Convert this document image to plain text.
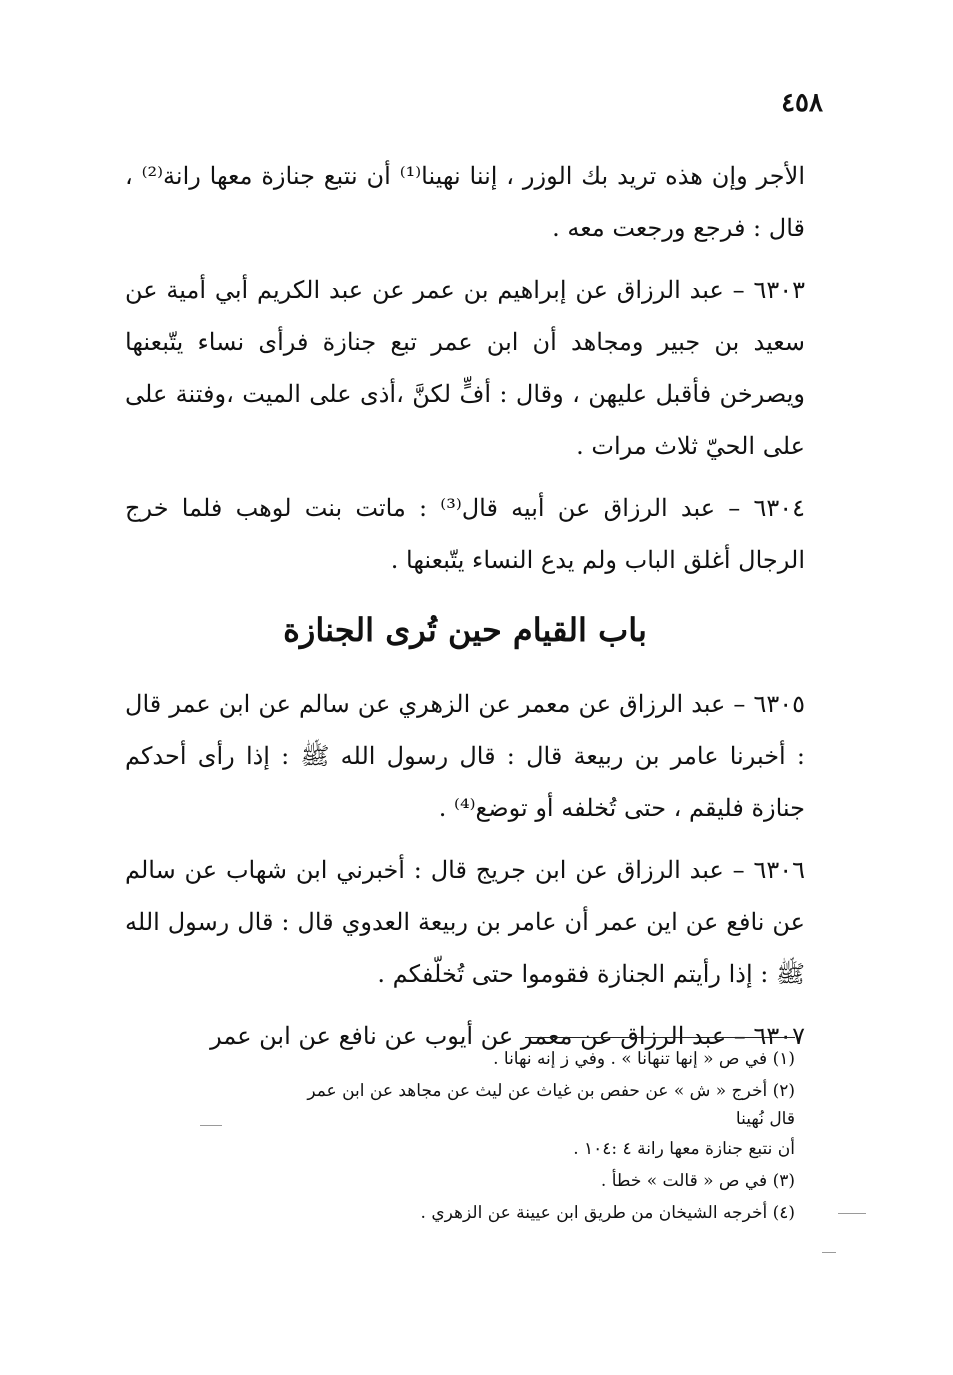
٤٥٨

الأجر وإن هذه تريد بك الوزر ، إننا نهينا⁽¹⁾ أن نتبع جنازة معها رانة⁽²⁾ ، قال : فرجع ورجعت معه .

٦٣٠٣ – عبد الرزاق عن إبراهيم بن عمر عن عبد الكريم أبي أمية عن سعيد بن جبير ومجاهد أن ابن عمر تبع جنازة فرأى نساء يتّبعنها ويصرخن فأقبل عليهن ، وقال : أفٍّ لكنَّ ،أذى على الميت ،وفتنة على على الحيّ ثلاث مرات .

٦٣٠٤ – عبد الرزاق عن أبيه قال⁽³⁾ : ماتت بنت لوهب فلما خرج الرجال أغلق الباب ولم يدع النساء يتّبعنها .

باب القيام حين تُرى الجنازة

٦٣٠٥ – عبد الرزاق عن معمر عن الزهري عن سالم عن ابن عمر قال : أخبرنا عامر بن ربيعة قال : قال رسول الله ﷺ : إذا رأى أحدكم جنازة فليقم ، حتى تُخلفه أو توضع⁽⁴⁾ .

٦٣٠٦ – عبد الرزاق عن ابن جريج قال : أخبرني ابن شهاب عن سالم عن نافع عن اين عمر أن عامر بن ربيعة العدوي قال : قال رسول الله ﷺ : إذا رأيتم الجنازة فقوموا حتى تُخلّفكم .

٦٣٠٧ – عبد الرزاق عن معمر عن أيوب عن نافع عن ابن عمر

(١) في ص « إنها تنهانا » . وفي ز إنه نهانا .
(٢) أخرج « ش » عن حفص بن غياث عن ليث عن مجاهد عن ابن عمر قال نُهينا
أن نتبع جنازة معها رانة ٤ :١٠٤ .
(٣) في ص « قالت » خطأ .
(٤) أخرجه الشيخان من طريق ابن عيينة عن الزهري .
